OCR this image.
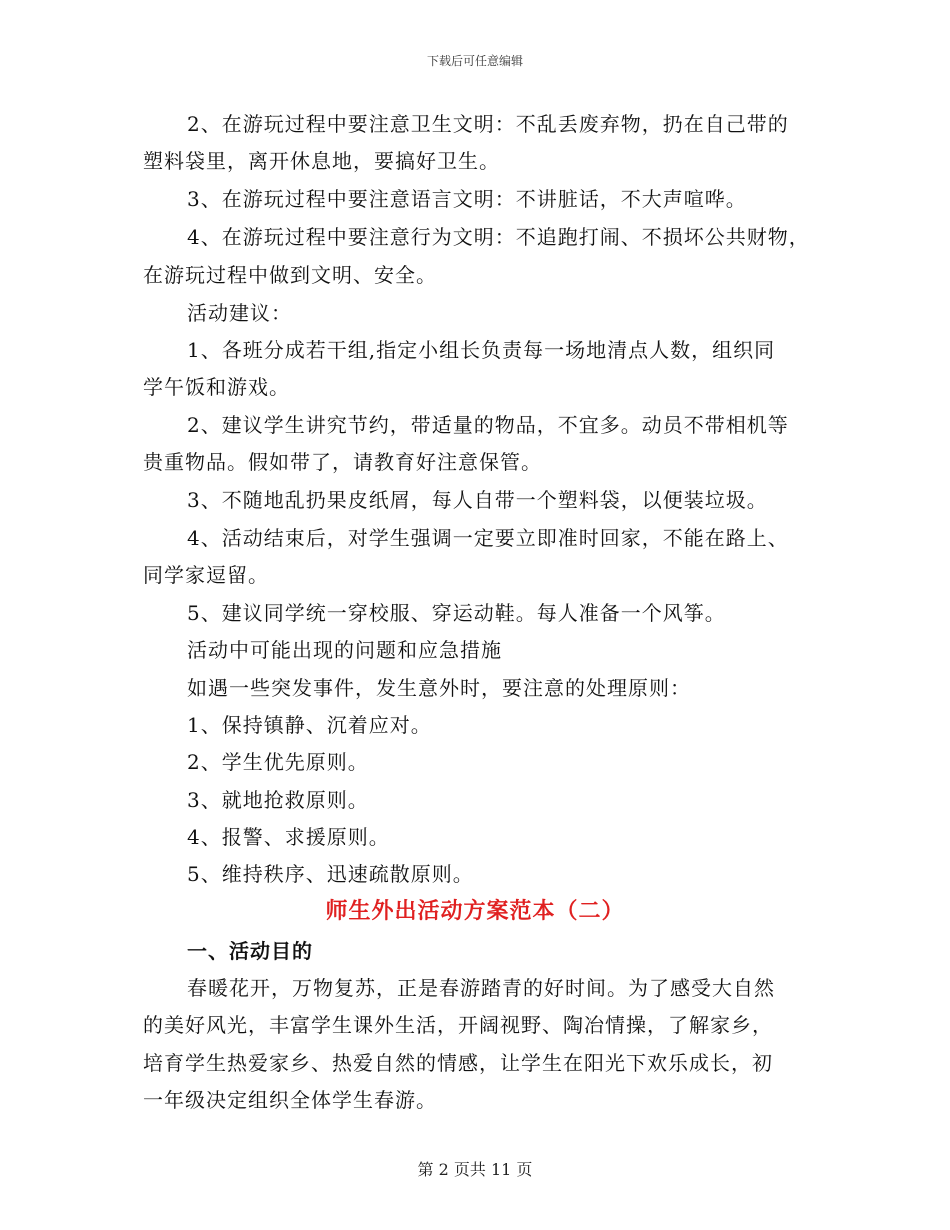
下载后可任意编辑
2、在游玩过程中要注意卫生文明：不乱丢废弃物，扔在自己带的
塑料袋里，离开休息地，要搞好卫生。
3、在游玩过程中要注意语言文明：不讲脏话，不大声喧哗。
4、在游玩过程中要注意行为文明：不追跑打闹、不损坏公共财物，
在游玩过程中做到文明、安全。
活动建议：
1、各班分成若干组,指定小组长负责每一场地清点人数，组织同
学午饭和游戏。
2、建议学生讲究节约，带适量的物品，不宜多。动员不带相机等
贵重物品。假如带了，请教育好注意保管。
3、不随地乱扔果皮纸屑，每人自带一个塑料袋，以便装垃圾。
4、活动结束后，对学生强调一定要立即准时回家，不能在路上、
同学家逗留。
5、建议同学统一穿校服、穿运动鞋。每人准备一个风筝。
活动中可能出现的问题和应急措施
如遇一些突发事件，发生意外时，要注意的处理原则：
1、保持镇静、沉着应对。
2、学生优先原则。
3、就地抢救原则。
4、报警、求援原则。
5、维持秩序、迅速疏散原则。
师生外出活动方案范本（二）
一、活动目的
春暖花开，万物复苏，正是春游踏青的好时间。为了感受大自然
的美好风光，丰富学生课外生活，开阔视野、陶冶情操，了解家乡，
培育学生热爱家乡、热爱自然的情感，让学生在阳光下欢乐成长，初
一年级决定组织全体学生春游。
第 2 页共 11 页
